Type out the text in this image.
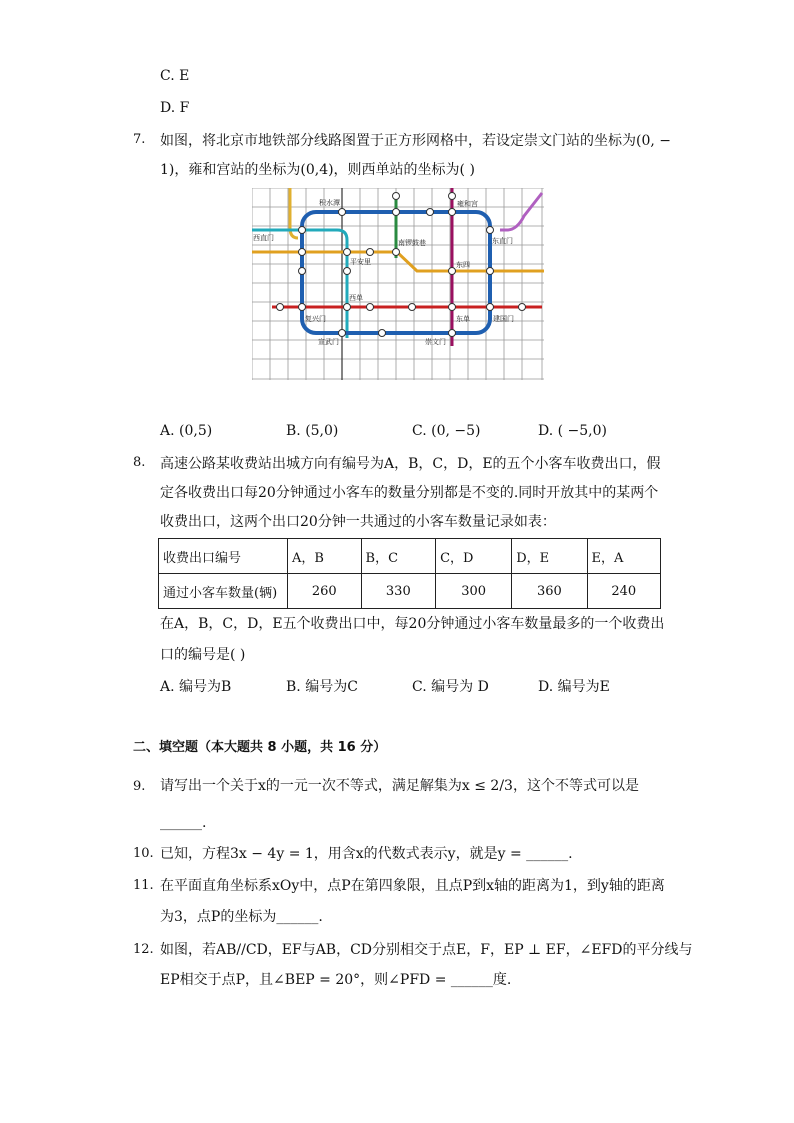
C. E
D. F
7. 如图，将北京市地铁部分线路图置于正方形网格中，若设定崇文门站的坐标为(0, −
1)，雍和宫站的坐标为(0,4)，则西单站的坐标为( )
积水潭	雍和宫
西直门	东直门
南锣鼓巷
平安里	东四
西单
复兴门	东单	建国门
宣武门	崇文门
A. (0,5)	B. (5,0)	C. (0, −5)	D. ( −5,0)
8. 高速公路某收费站出城方向有编号为A，B，C，D，E的五个小客车收费出口，假
定各收费出口每20分钟通过小客车的数量分别都是不变的.同时开放其中的某两个
收费出口，这两个出口20分钟一共通过的小客车数量记录如表：
收费出口编号	A，B	B，C	C，D	D，E	E，A
通过小客车数量(辆)	260	330	300	360	240
在A，B，C，D，E五个收费出口中，每20分钟通过小客车数量最多的一个收费出
口的编号是( )
A. 编号为B	B. 编号为C	C. 编号为 D	D. 编号为E
二、填空题（本大题共 8 小题，共 16 分）
9. 请写出一个关于x的一元一次不等式，满足解集为x ≤ 2/3，这个不等式可以是
______.
10. 已知，方程3x − 4y = 1，用含x的代数式表示y，就是y = ______.
11. 在平面直角坐标系xOy中，点P在第四象限，且点P到x轴的距离为1，到y轴的距离
为3，点P的坐标为______.
12. 如图，若AB//CD，EF与AB，CD分别相交于点E，F，EP ⊥ EF，∠EFD的平分线与
EP相交于点P，且∠BEP = 20°，则∠PFD = ______度.
